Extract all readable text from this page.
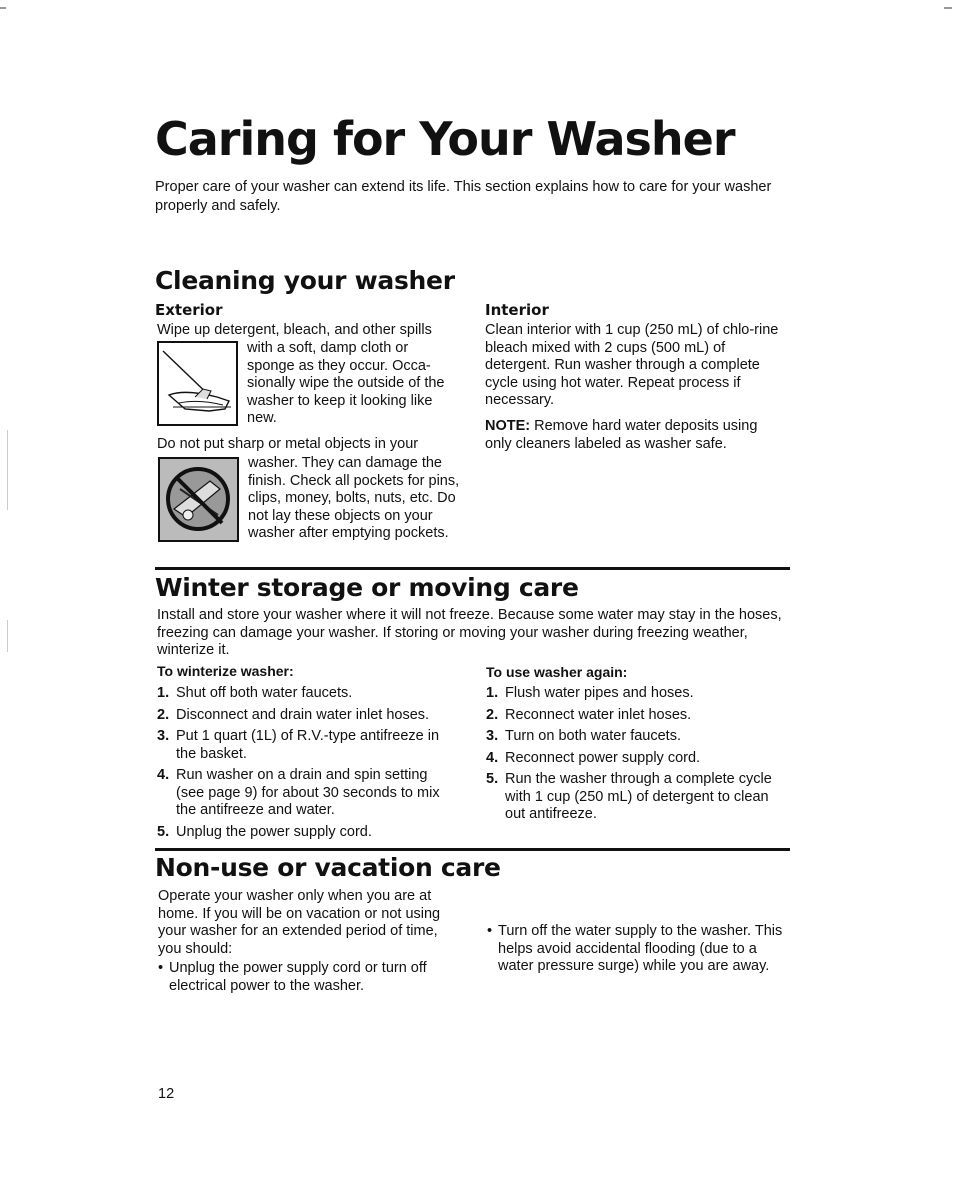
Caring for Your Washer

Proper care of your washer can extend its life. This section explains how to care for your washer properly and safely.

Cleaning your washer
Exterior

Wipe up detergent, bleach, and other spills

with a soft, damp cloth or sponge as they occur. Occa-sionally wipe the outside of the washer to keep it looking like new.

Do not put sharp or metal objects in your

washer. They can damage the finish. Check all pockets for pins, clips, money, bolts, nuts, etc. Do not lay these objects on your washer after emptying pockets.

Interior

Clean interior with 1 cup (250 mL) of chlo-rine bleach mixed with 2 cups (500 mL) of detergent. Run washer through a complete cycle using hot water. Repeat process if necessary.

NOTE: Remove hard water deposits using only cleaners labeled as washer safe.

Winter storage or moving care

Install and store your washer where it will not freeze. Because some water may stay in the hoses, freezing can damage your washer. If storing or moving your washer during freezing weather, winterize it.

To winterize washer:

1. Shut off both water faucets.
2. Disconnect and drain water inlet hoses.
3. Put 1 quart (1L) of R.V.-type antifreeze in the basket.
4. Run washer on a drain and spin setting (see page 9) for about 30 seconds to mix the antifreeze and water.
5. Unplug the power supply cord.

To use washer again:

1. Flush water pipes and hoses.
2. Reconnect water inlet hoses.
3. Turn on both water faucets.
4. Reconnect power supply cord.
5. Run the washer through a complete cycle with 1 cup (250 mL) of detergent to clean out antifreeze.
Non-use or vacation care

Operate your washer only when you are at home. If you will be on vacation or not using your washer for an extended period of time, you should:

• Unplug the power supply cord or turn off electrical power to the washer.

• Turn off the water supply to the washer. This helps avoid accidental flooding (due to a water pressure surge) while you are away.

12
